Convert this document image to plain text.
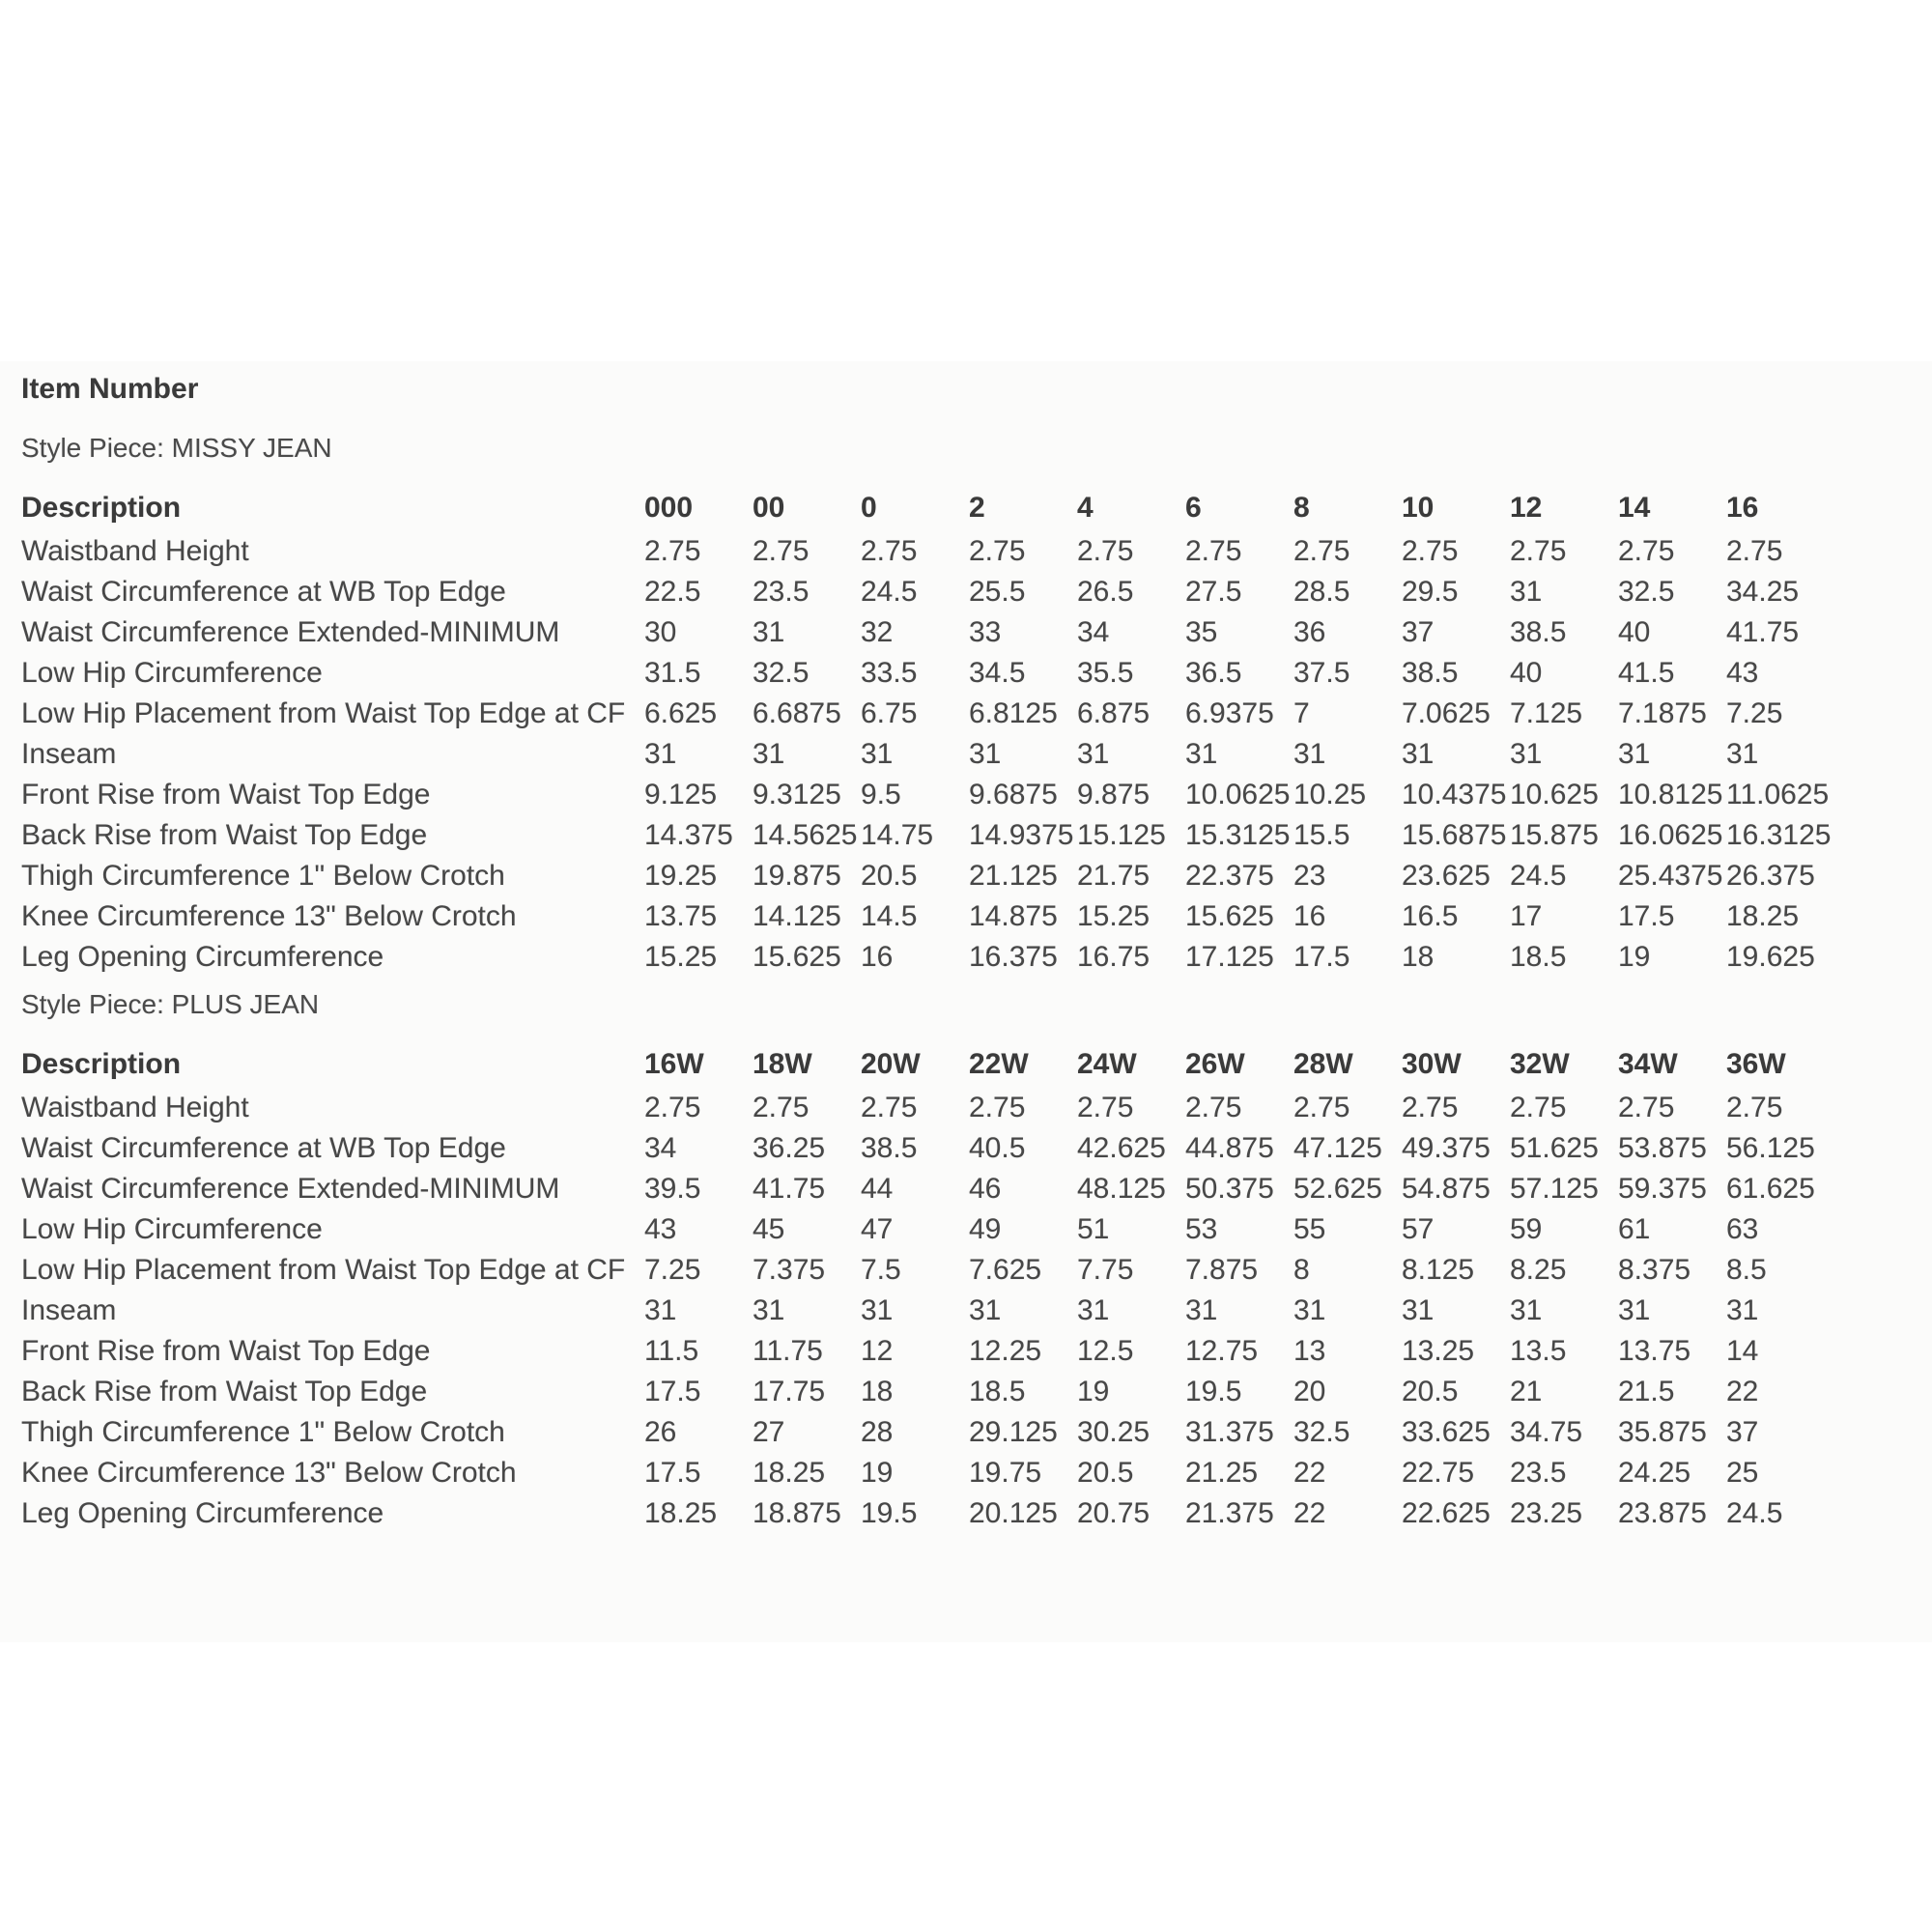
Item Number
Style Piece: MISSY JEAN
Description	000	00	0	2	4	6	8	10	12	14	16
Waistband Height	2.75	2.75	2.75	2.75	2.75	2.75	2.75	2.75	2.75	2.75	2.75
Waist Circumference at WB Top Edge	22.5	23.5	24.5	25.5	26.5	27.5	28.5	29.5	31	32.5	34.25
Waist Circumference Extended-MINIMUM	30	31	32	33	34	35	36	37	38.5	40	41.75
Low Hip Circumference	31.5	32.5	33.5	34.5	35.5	36.5	37.5	38.5	40	41.5	43
Low Hip Placement from Waist Top Edge at CF	6.625	6.6875	6.75	6.8125	6.875	6.9375	7	7.0625	7.125	7.1875	7.25
Inseam	31	31	31	31	31	31	31	31	31	31	31
Front Rise from Waist Top Edge	9.125	9.3125	9.5	9.6875	9.875	10.0625	10.25	10.4375	10.625	10.8125	11.0625
Back Rise from Waist Top Edge	14.375	14.5625	14.75	14.9375	15.125	15.3125	15.5	15.6875	15.875	16.0625	16.3125
Thigh Circumference 1" Below Crotch	19.25	19.875	20.5	21.125	21.75	22.375	23	23.625	24.5	25.4375	26.375
Knee Circumference 13" Below Crotch	13.75	14.125	14.5	14.875	15.25	15.625	16	16.5	17	17.5	18.25
Leg Opening Circumference	15.25	15.625	16	16.375	16.75	17.125	17.5	18	18.5	19	19.625
Style Piece: PLUS JEAN
Description	16W	18W	20W	22W	24W	26W	28W	30W	32W	34W	36W
Waistband Height	2.75	2.75	2.75	2.75	2.75	2.75	2.75	2.75	2.75	2.75	2.75
Waist Circumference at WB Top Edge	34	36.25	38.5	40.5	42.625	44.875	47.125	49.375	51.625	53.875	56.125
Waist Circumference Extended-MINIMUM	39.5	41.75	44	46	48.125	50.375	52.625	54.875	57.125	59.375	61.625
Low Hip Circumference	43	45	47	49	51	53	55	57	59	61	63
Low Hip Placement from Waist Top Edge at CF	7.25	7.375	7.5	7.625	7.75	7.875	8	8.125	8.25	8.375	8.5
Inseam	31	31	31	31	31	31	31	31	31	31	31
Front Rise from Waist Top Edge	11.5	11.75	12	12.25	12.5	12.75	13	13.25	13.5	13.75	14
Back Rise from Waist Top Edge	17.5	17.75	18	18.5	19	19.5	20	20.5	21	21.5	22
Thigh Circumference 1" Below Crotch	26	27	28	29.125	30.25	31.375	32.5	33.625	34.75	35.875	37
Knee Circumference 13" Below Crotch	17.5	18.25	19	19.75	20.5	21.25	22	22.75	23.5	24.25	25
Leg Opening Circumference	18.25	18.875	19.5	20.125	20.75	21.375	22	22.625	23.25	23.875	24.5
